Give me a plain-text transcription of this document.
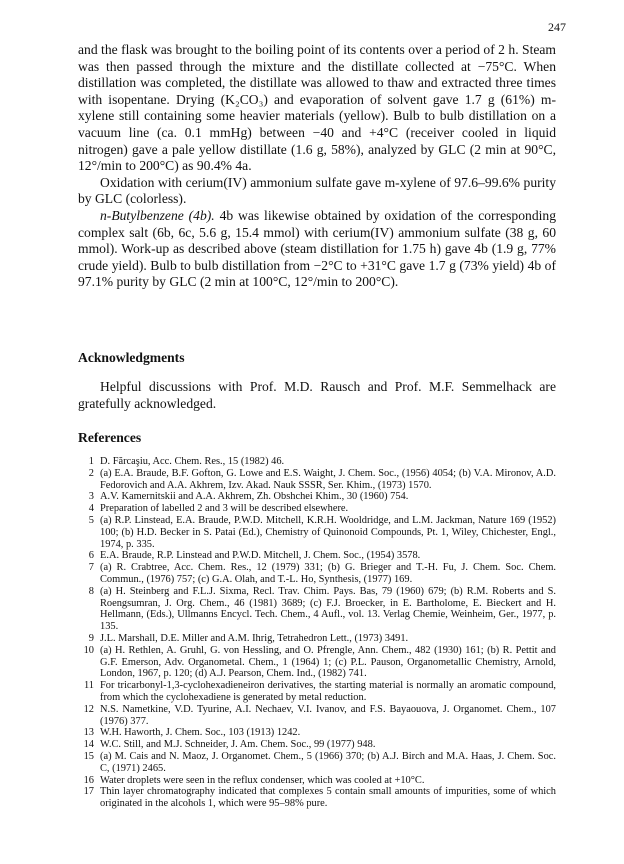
247

and the flask was brought to the boiling point of its contents over a period of 2 h. Steam was then passed through the mixture and the distillate collected at −75°C. When distillation was completed, the distillate was allowed to thaw and extracted three times with isopentane. Drying (K₂CO₃) and evaporation of solvent gave 1.7 g (61%) m-xylene still containing some heavier materials (yellow). Bulb to bulb distillation on a vacuum line (ca. 0.1 mmHg) between −40 and +4°C (receiver cooled in liquid nitrogen) gave a pale yellow distillate (1.6 g, 58%), analyzed by GLC (2 min at 90°C, 12°/min to 200°C) as 90.4% 4a.

Oxidation with cerium(IV) ammonium sulfate gave m-xylene of 97.6–99.6% purity by GLC (colorless).

n-Butylbenzene (4b). 4b was likewise obtained by oxidation of the corresponding complex salt (6b, 6c, 5.6 g, 15.4 mmol) with cerium(IV) ammonium sulfate (38 g, 60 mmol). Work-up as described above (steam distillation for 1.75 h) gave 4b (1.9 g, 77% crude yield). Bulb to bulb distillation from −2°C to +31°C gave 1.7 g (73% yield) 4b of 97.1% purity by GLC (2 min at 100°C, 12°/min to 200°C).

Acknowledgments

Helpful discussions with Prof. M.D. Rausch and Prof. M.F. Semmelhack are gratefully acknowledged.

References
1 D. Fărcaşiu, Acc. Chem. Res., 15 (1982) 46.
2 (a) E.A. Braude, B.F. Gofton, G. Lowe and E.S. Waight, J. Chem. Soc., (1956) 4054; (b) V.A. Mironov, A.D. Fedorovich and A.A. Akhrem, Izv. Akad. Nauk SSSR, Ser. Khim., (1973) 1570.
3 A.V. Kamernitskii and A.A. Akhrem, Zh. Obshchei Khim., 30 (1960) 754.
4 Preparation of labelled 2 and 3 will be described elsewhere.
5 (a) R.P. Linstead, E.A. Braude, P.W.D. Mitchell, K.R.H. Wooldridge, and L.M. Jackman, Nature 169 (1952) 100; (b) H.D. Becker in S. Patai (Ed.), Chemistry of Quinonoid Compounds, Pt. 1, Wiley, Chichester, Engl., 1974, p. 335.
6 E.A. Braude, R.P. Linstead and P.W.D. Mitchell, J. Chem. Soc., (1954) 3578.
7 (a) R. Crabtree, Acc. Chem. Res., 12 (1979) 331; (b) G. Brieger and T.-H. Fu, J. Chem. Soc. Chem. Commun., (1976) 757; (c) G.A. Olah, and T.-L. Ho, Synthesis, (1977) 169.
8 (a) H. Steinberg and F.L.J. Sixma, Recl. Trav. Chim. Pays. Bas, 79 (1960) 679; (b) R.M. Roberts and S. Roengsumran, J. Org. Chem., 46 (1981) 3689; (c) F.J. Broecker, in E. Bartholome, E. Bieckert and H. Hellmann, (Eds.), Ullmanns Encycl. Tech. Chem., 4 Aufl., vol. 13. Verlag Chemie, Weinheim, Ger., 1977, p. 135.
9 J.L. Marshall, D.E. Miller and A.M. Ihrig, Tetrahedron Lett., (1973) 3491.
10 (a) H. Rethlen, A. Gruhl, G. von Hessling, and O. Pfrengle, Ann. Chem., 482 (1930) 161; (b) R. Pettit and G.F. Emerson, Adv. Organometal. Chem., 1 (1964) 1; (c) P.L. Pauson, Organometallic Chemistry, Arnold, London, 1967, p. 120; (d) A.J. Pearson, Chem. Ind., (1982) 741.
11 For tricarbonyl-1,3-cyclohexadieneiron derivatives, the starting material is normally an aromatic compound, from which the cyclohexadiene is generated by metal reduction.
12 N.S. Nametkine, V.D. Tyurine, A.I. Nechaev, V.I. Ivanov, and F.S. Bayaouova, J. Organomet. Chem., 107 (1976) 377.
13 W.H. Haworth, J. Chem. Soc., 103 (1913) 1242.
14 W.C. Still, and M.J. Schneider, J. Am. Chem. Soc., 99 (1977) 948.
15 (a) M. Cais and N. Maoz, J. Organomet. Chem., 5 (1966) 370; (b) A.J. Birch and M.A. Haas, J. Chem. Soc. C, (1971) 2465.
16 Water droplets were seen in the reflux condenser, which was cooled at +10°C.
17 Thin layer chromatography indicated that complexes 5 contain small amounts of impurities, some of which originated in the alcohols 1, which were 95–98% pure.
